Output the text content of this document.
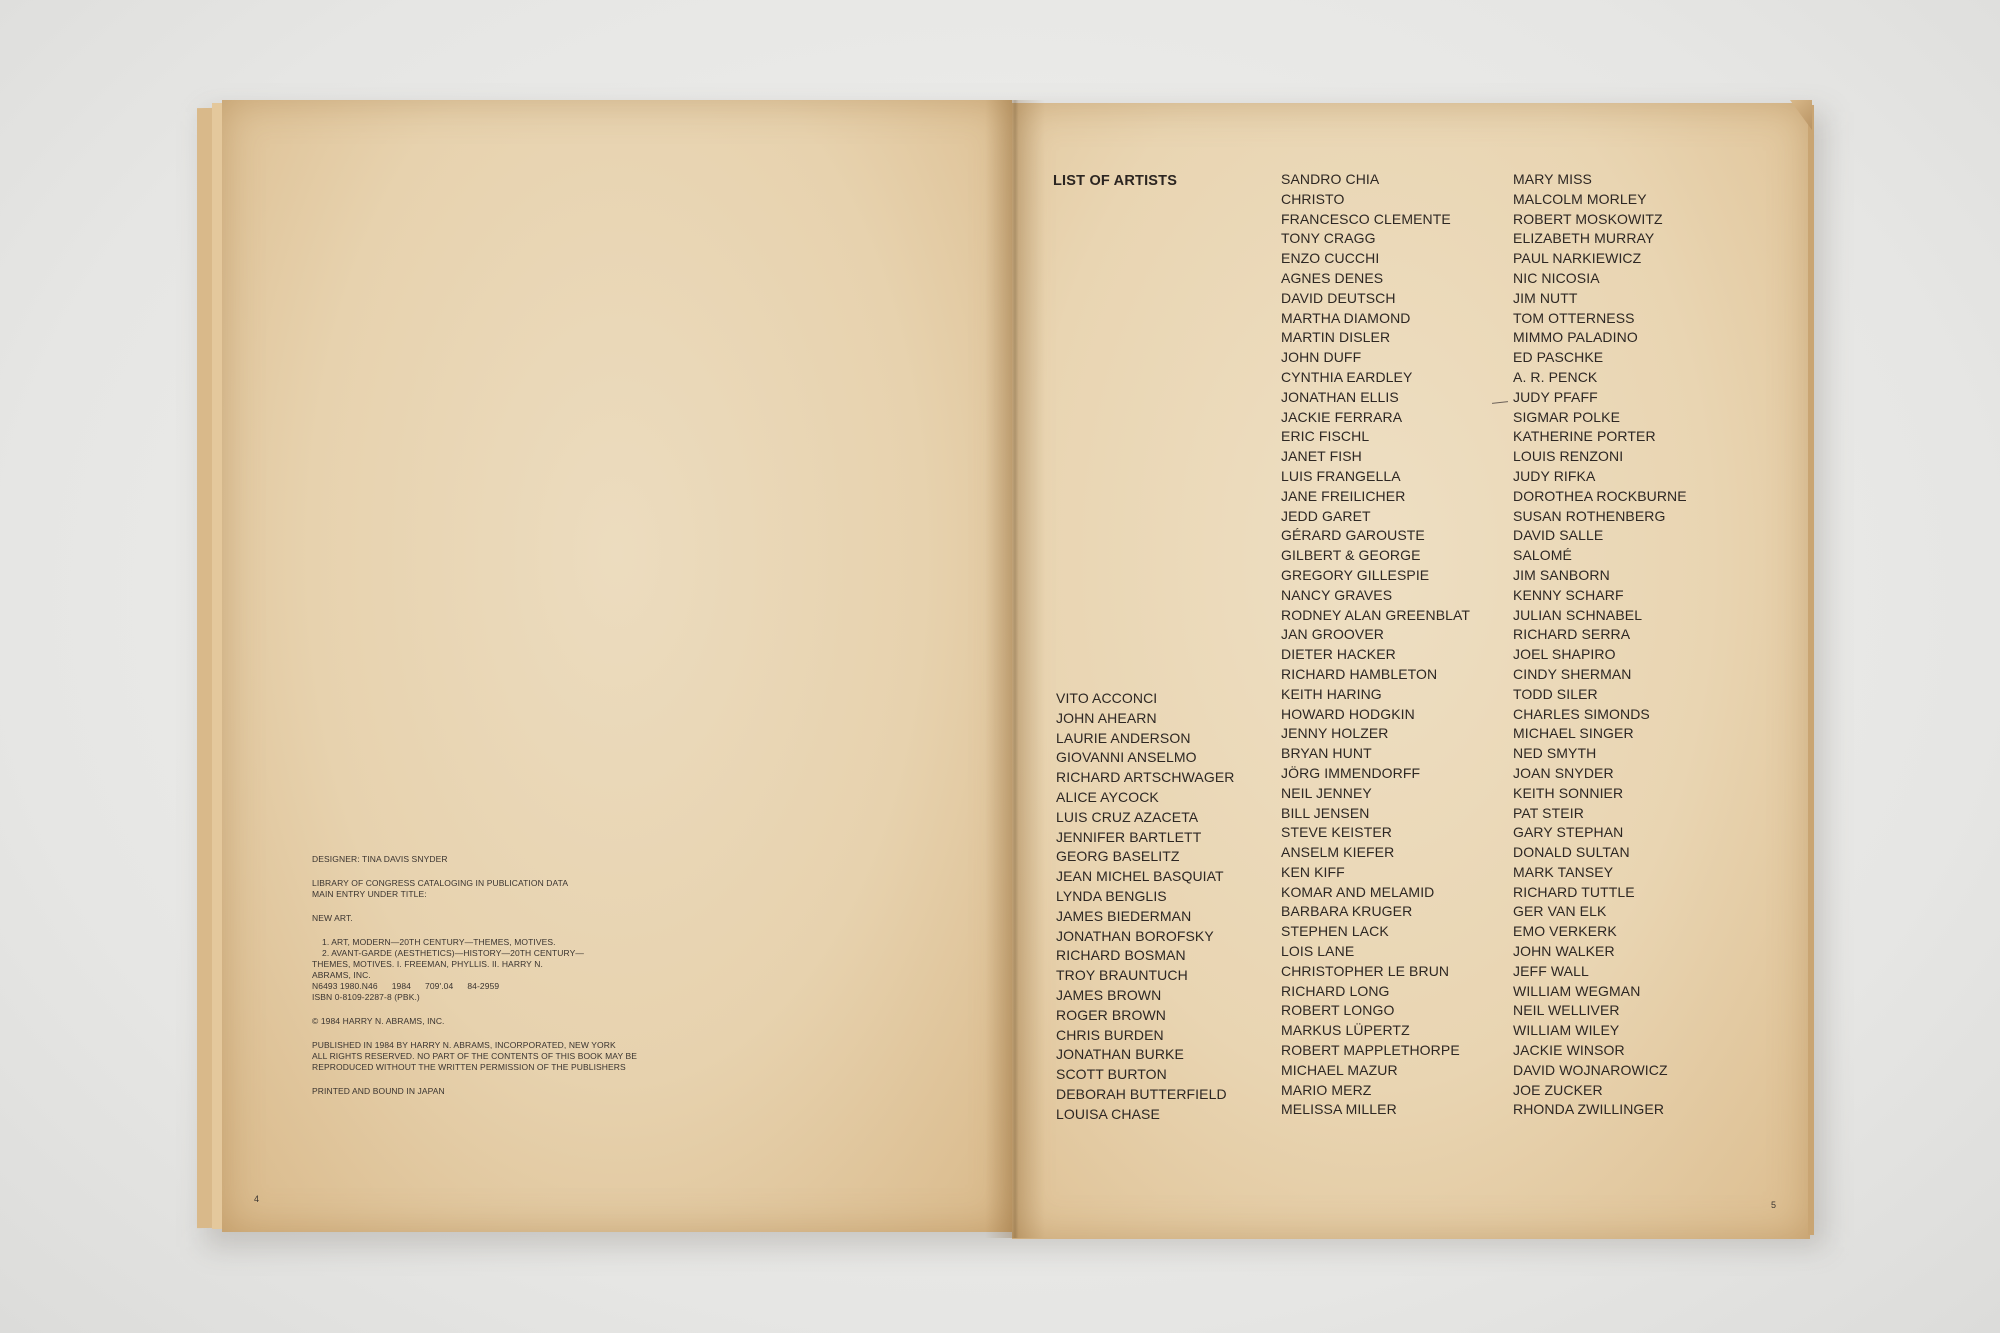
DESIGNER: TINA DAVIS SNYDER
LIBRARY OF CONGRESS CATALOGING IN PUBLICATION DATA
MAIN ENTRY UNDER TITLE:
NEW ART.
1. ART, MODERN—20TH CENTURY—THEMES, MOTIVES.
2. AVANT-GARDE (AESTHETICS)—HISTORY—20TH CENTURY—
THEMES, MOTIVES. I. FREEMAN, PHYLLIS. II. HARRY N.
ABRAMS, INC.
N6493 1980.N46 1984 709'.04 84-2959
ISBN 0-8109-2287-8 (PBK.)
© 1984 HARRY N. ABRAMS, INC.
PUBLISHED IN 1984 BY HARRY N. ABRAMS, INCORPORATED, NEW YORK
ALL RIGHTS RESERVED. NO PART OF THE CONTENTS OF THIS BOOK MAY BE
REPRODUCED WITHOUT THE WRITTEN PERMISSION OF THE PUBLISHERS
PRINTED AND BOUND IN JAPAN
4
5
LIST OF ARTISTS
VITO ACCONCI
JOHN AHEARN
LAURIE ANDERSON
GIOVANNI ANSELMO
RICHARD ARTSCHWAGER
ALICE AYCOCK
LUIS CRUZ AZACETA
JENNIFER BARTLETT
GEORG BASELITZ
JEAN MICHEL BASQUIAT
LYNDA BENGLIS
JAMES BIEDERMAN
JONATHAN BOROFSKY
RICHARD BOSMAN
TROY BRAUNTUCH
JAMES BROWN
ROGER BROWN
CHRIS BURDEN
JONATHAN BURKE
SCOTT BURTON
DEBORAH BUTTERFIELD
LOUISA CHASE
SANDRO CHIA
CHRISTO
FRANCESCO CLEMENTE
TONY CRAGG
ENZO CUCCHI
AGNES DENES
DAVID DEUTSCH
MARTHA DIAMOND
MARTIN DISLER
JOHN DUFF
CYNTHIA EARDLEY
JONATHAN ELLIS
JACKIE FERRARA
ERIC FISCHL
JANET FISH
LUIS FRANGELLA
JANE FREILICHER
JEDD GARET
GÉRARD GAROUSTE
GILBERT & GEORGE
GREGORY GILLESPIE
NANCY GRAVES
RODNEY ALAN GREENBLAT
JAN GROOVER
DIETER HACKER
RICHARD HAMBLETON
KEITH HARING
HOWARD HODGKIN
JENNY HOLZER
BRYAN HUNT
JÖRG IMMENDORFF
NEIL JENNEY
BILL JENSEN
STEVE KEISTER
ANSELM KIEFER
KEN KIFF
KOMAR AND MELAMID
BARBARA KRUGER
STEPHEN LACK
LOIS LANE
CHRISTOPHER LE BRUN
RICHARD LONG
ROBERT LONGO
MARKUS LÜPERTZ
ROBERT MAPPLETHORPE
MICHAEL MAZUR
MARIO MERZ
MELISSA MILLER
MARY MISS
MALCOLM MORLEY
ROBERT MOSKOWITZ
ELIZABETH MURRAY
PAUL NARKIEWICZ
NIC NICOSIA
JIM NUTT
TOM OTTERNESS
MIMMO PALADINO
ED PASCHKE
A. R. PENCK
JUDY PFAFF
SIGMAR POLKE
KATHERINE PORTER
LOUIS RENZONI
JUDY RIFKA
DOROTHEA ROCKBURNE
SUSAN ROTHENBERG
DAVID SALLE
SALOMÉ
JIM SANBORN
KENNY SCHARF
JULIAN SCHNABEL
RICHARD SERRA
JOEL SHAPIRO
CINDY SHERMAN
TODD SILER
CHARLES SIMONDS
MICHAEL SINGER
NED SMYTH
JOAN SNYDER
KEITH SONNIER
PAT STEIR
GARY STEPHAN
DONALD SULTAN
MARK TANSEY
RICHARD TUTTLE
GER VAN ELK
EMO VERKERK
JOHN WALKER
JEFF WALL
WILLIAM WEGMAN
NEIL WELLIVER
WILLIAM WILEY
JACKIE WINSOR
DAVID WOJNAROWICZ
JOE ZUCKER
RHONDA ZWILLINGER
